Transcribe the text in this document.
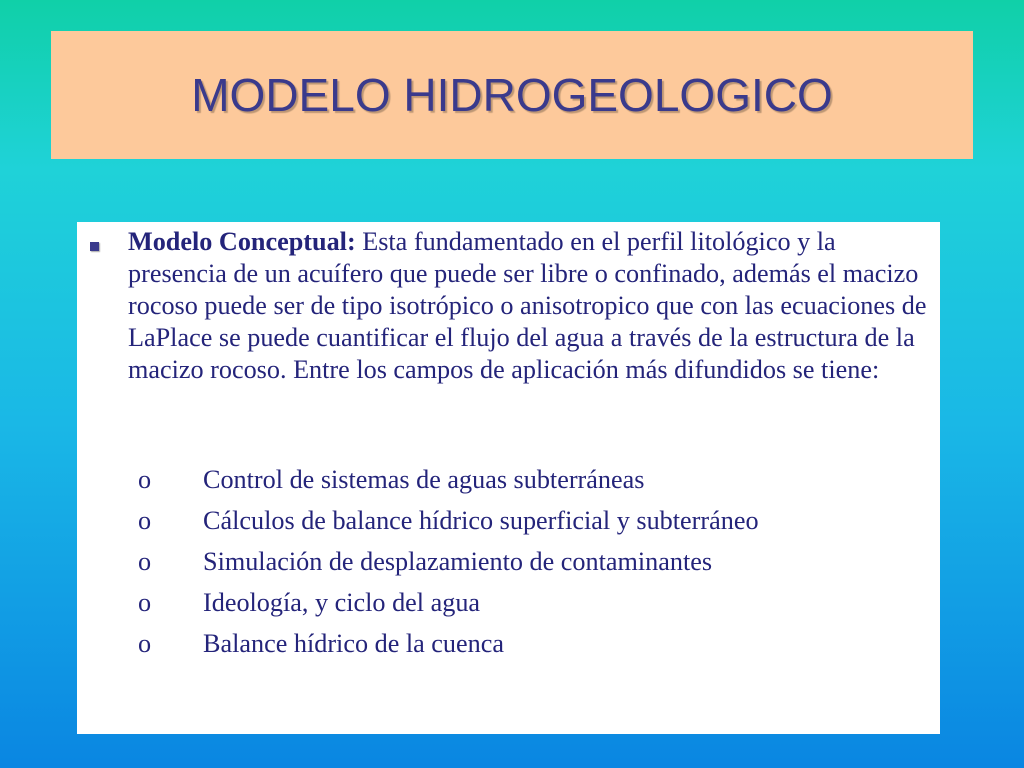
MODELO HIDROGEOLOGICO
Modelo Conceptual: Esta fundamentado en el perfil litológico y la presencia de un acuífero que puede ser libre o confinado, además el macizo rocoso puede ser de tipo isotrópico o anisotropico que con las ecuaciones de LaPlace se puede cuantificar el flujo del agua a través de la estructura de la macizo rocoso. Entre los campos de aplicación más difundidos se tiene:
o Control de sistemas de aguas subterráneas
o Cálculos de balance hídrico superficial y subterráneo
o Simulación de desplazamiento de contaminantes
o Ideología, y ciclo del agua
o Balance hídrico de la cuenca
